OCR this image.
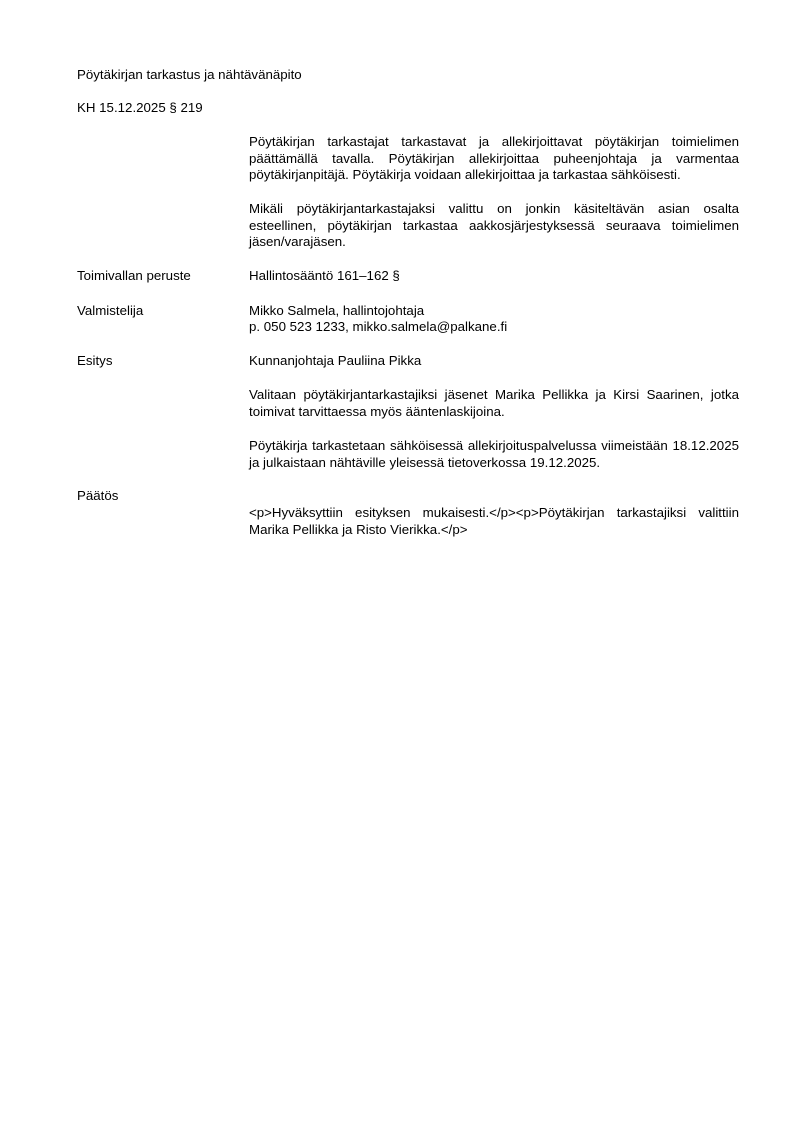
Pöytäkirjan tarkastus ja nähtävänäpito
KH 15.12.2025 § 219

Pöytäkirjan tarkastajat tarkastavat ja allekirjoittavat pöytäkirjan toimielimen päättämällä tavalla. Pöytäkirjan allekirjoittaa puheenjohtaja ja varmentaa pöytäkirjanpitäjä. Pöytäkirja voidaan allekirjoittaa ja tarkastaa sähköisesti.

Mikäli pöytäkirjantarkastajaksi valittu on jonkin käsiteltävän asian osalta esteellinen, pöytäkirjan tarkastaa aakkosjärjestyksessä seuraava toimielimen jäsen/varajäsen.

Toimivallan peruste	Hallintosääntö 161–162 §
Valmistelija	Mikko Salmela, hallintojohtaja
p. 050 523 1233, mikko.salmela@palkane.fi
Esitys	Kunnanjohtaja Pauliina Pikka

Valitaan pöytäkirjantarkastajiksi jäsenet Marika Pellikka ja Kirsi Saarinen, jotka toimivat tarvittaessa myös ääntenlaskijoina.

Pöytäkirja tarkastetaan sähköisessä allekirjoituspalvelussa viimeistään 18.12.2025 ja julkaistaan nähtäville yleisessä tietoverkossa 19.12.2025.

Päätös
<p>Hyväksyttiin esityksen mukaisesti.</p><p>Pöytäkirjan tarkastajiksi valittiin Marika Pellikka ja Risto Vierikka.</p>
